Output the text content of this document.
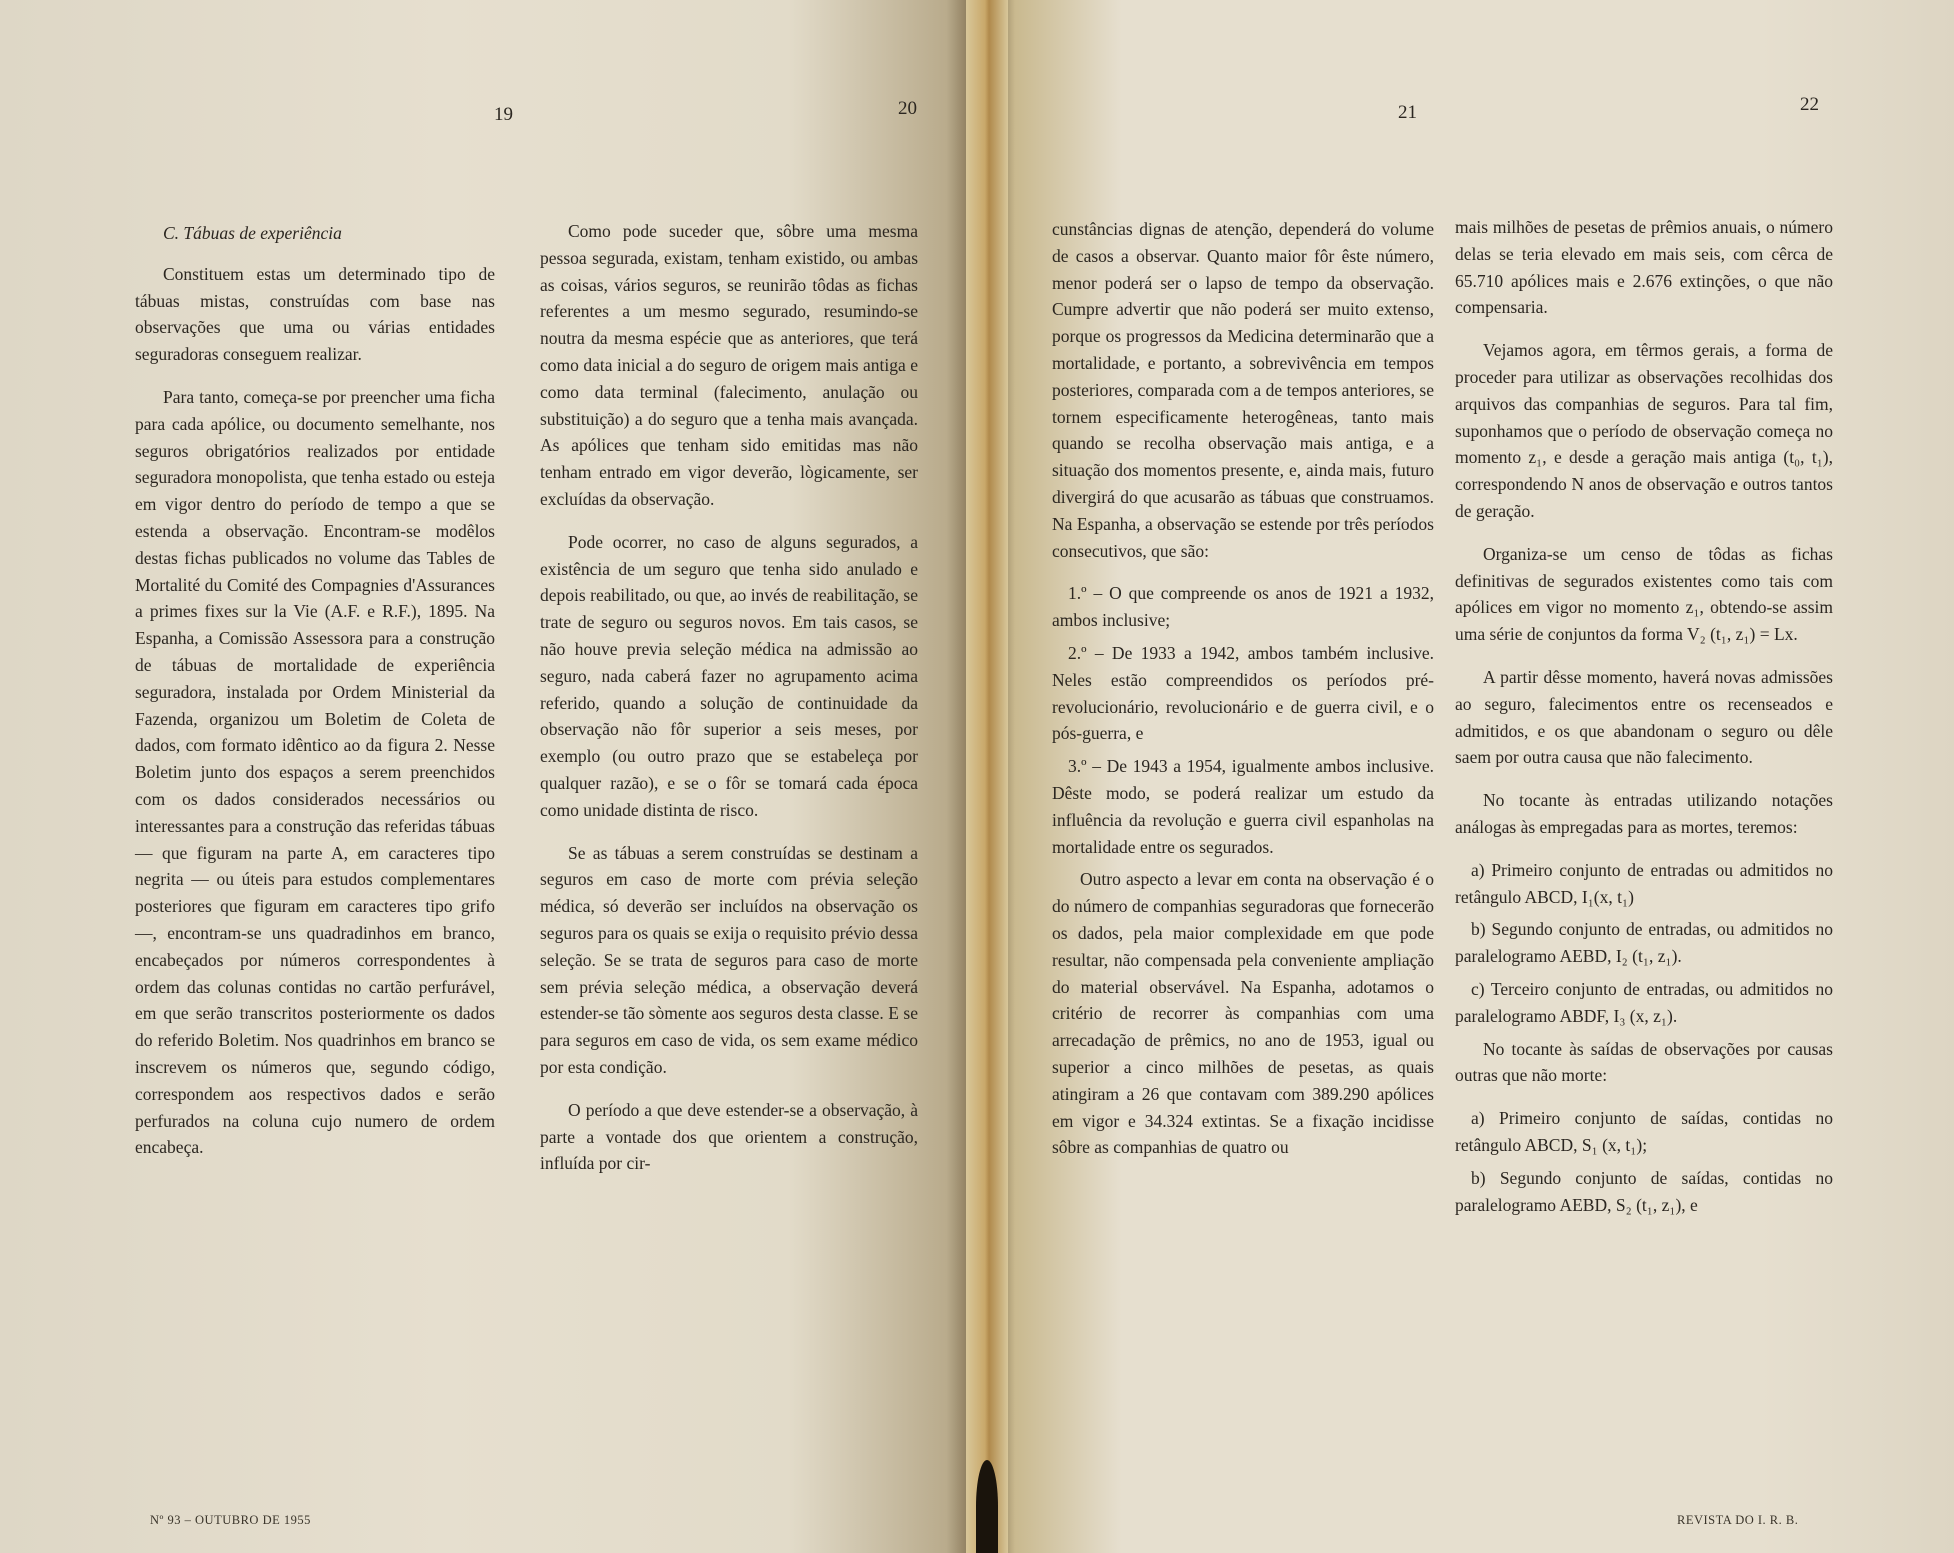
19	20	21	22

C. Tábuas de experiência

Constituem estas um determinado tipo de tábuas mistas, construídas com base nas observações que uma ou várias entidades seguradoras conseguem realizar.

Para tanto, começa-se por preencher uma ficha para cada apólice, ou documento semelhante, nos seguros obrigatórios realizados por entidade seguradora monopolista, que tenha estado ou esteja em vigor dentro do período de tempo a que se estenda a observação. Encontram-se modêlos destas fichas publicados no volume das Tables de Mortalité du Comité des Compagnies d'Assurances a primes fixes sur la Vie (A.F. e R.F.), 1895. Na Espanha, a Comissão Assessora para a construção de tábuas de mortalidade de experiência seguradora, instalada por Ordem Ministerial da Fazenda, organizou um Boletim de Coleta de dados, com formato idêntico ao da figura 2. Nesse Boletim junto dos espaços a serem preenchidos com os dados considerados necessários ou interessantes para a construção das referidas tábuas — que figuram na parte A, em caracteres tipo negrita — ou úteis para estudos complementares posteriores que figuram em caracteres tipo grifo —, encontram-se uns quadradinhos em branco, encabeçados por números correspondentes à ordem das colunas contidas no cartão perfurável, em que serão transcritos posteriormente os dados do referido Boletim. Nos quadrinhos em branco se inscrevem os números que, segundo código, correspondem aos respectivos dados e serão perfurados na coluna cujo numero de ordem encabeça.

Como pode suceder que, sôbre uma mesma pessoa segurada, existam, tenham existido, ou ambas as coisas, vários seguros, se reunirão tôdas as fichas referentes a um mesmo segurado, resumindo-se noutra da mesma espécie que as anteriores, que terá como data inicial a do seguro de origem mais antiga e como data terminal (falecimento, anulação ou substituição) a do seguro que a tenha mais avançada. As apólices que tenham sido emitidas mas não tenham entrado em vigor deverão, lògicamente, ser excluídas da observação.

Pode ocorrer, no caso de alguns segurados, a existência de um seguro que tenha sido anulado e depois reabilitado, ou que, ao invés de reabilitação, se trate de seguro ou seguros novos. Em tais casos, se não houve previa seleção médica na admissão ao seguro, nada caberá fazer no agrupamento acima referido, quando a solução de continuidade da observação não fôr superior a seis meses, por exemplo (ou outro prazo que se estabeleça por qualquer razão), e se o fôr se tomará cada época como unidade distinta de risco.

Se as tábuas a serem construídas se destinam a seguros em caso de morte com prévia seleção médica, só deverão ser incluídos na observação os seguros para os quais se exija o requisito prévio dessa seleção. Se se trata de seguros para caso de morte sem prévia seleção médica, a observação deverá estender-se tão sòmente aos seguros desta classe. E se para seguros em caso de vida, os sem exame médico por esta condição.

O período a que deve estender-se a observação, à parte a vontade dos que orientem a construção, influída por cir-

cunstâncias dignas de atenção, dependerá do volume de casos a observar. Quanto maior fôr êste número, menor poderá ser o lapso de tempo da observação. Cumpre advertir que não poderá ser muito extenso, porque os progressos da Medicina determinarão que a mortalidade, e portanto, a sobrevivência em tempos posteriores, comparada com a de tempos anteriores, se tornem especificamente heterogêneas, tanto mais quando se recolha observação mais antiga, e a situação dos momentos presente, e, ainda mais, futuro divergirá do que acusarão as tábuas que construamos. Na Espanha, a observação se estende por três períodos consecutivos, que são:

1.º – O que compreende os anos de 1921 a 1932, ambos inclusive;

2.º – De 1933 a 1942, ambos também inclusive. Neles estão compreendidos os períodos pré-revolucionário, revolucionário e de guerra civil, e o pós-guerra, e

3.º – De 1943 a 1954, igualmente ambos inclusive. Dêste modo, se poderá realizar um estudo da influência da revolução e guerra civil espanholas na mortalidade entre os segurados.

Outro aspecto a levar em conta na observação é o do número de companhias seguradoras que fornecerão os dados, pela maior complexidade em que pode resultar, não compensada pela conveniente ampliação do material observável. Na Espanha, adotamos o critério de recorrer às companhias com uma arrecadação de prêmics, no ano de 1953, igual ou superior a cinco milhões de pesetas, as quais atingiram a 26 que contavam com 389.290 apólices em vigor e 34.324 extintas. Se a fixação incidisse sôbre as companhias de quatro ou

mais milhões de pesetas de prêmios anuais, o número delas se teria elevado em mais seis, com cêrca de 65.710 apólices mais e 2.676 extinções, o que não compensaria.

Vejamos agora, em têrmos gerais, a forma de proceder para utilizar as observações recolhidas dos arquivos das companhias de seguros. Para tal fim, suponhamos que o período de observação começa no momento z₁, e desde a geração mais antiga (t₀, t₁), correspondendo N anos de observação e outros tantos de geração.

Organiza-se um censo de tôdas as fichas definitivas de segurados existentes como tais com apólices em vigor no momento z₁, obtendo-se assim uma série de conjuntos da forma V₂ (t₁, z₁) = Lx.

A partir dêsse momento, haverá novas admissões ao seguro, falecimentos entre os recenseados e admitidos, e os que abandonam o seguro ou dêle saem por outra causa que não falecimento.

No tocante às entradas utilizando notações análogas às empregadas para as mortes, teremos:

a) Primeiro conjunto de entradas ou admitidos no retângulo ABCD, I₁(x, t₁)

b) Segundo conjunto de entradas, ou admitidos no paralelogramo AEBD, I₂ (t₁, z₁).

c) Terceiro conjunto de entradas, ou admitidos no paralelogramo ABDF, I₃ (x, z₁).

No tocante às saídas de observações por causas outras que não morte:

a) Primeiro conjunto de saídas, contidas no retângulo ABCD, S₁ (x, t₁);

b) Segundo conjunto de saídas, contidas no paralelogramo AEBD, S₂ (t₁, z₁), e

Nº 93 – OUTUBRO DE 1955	REVISTA DO I. R. B.
